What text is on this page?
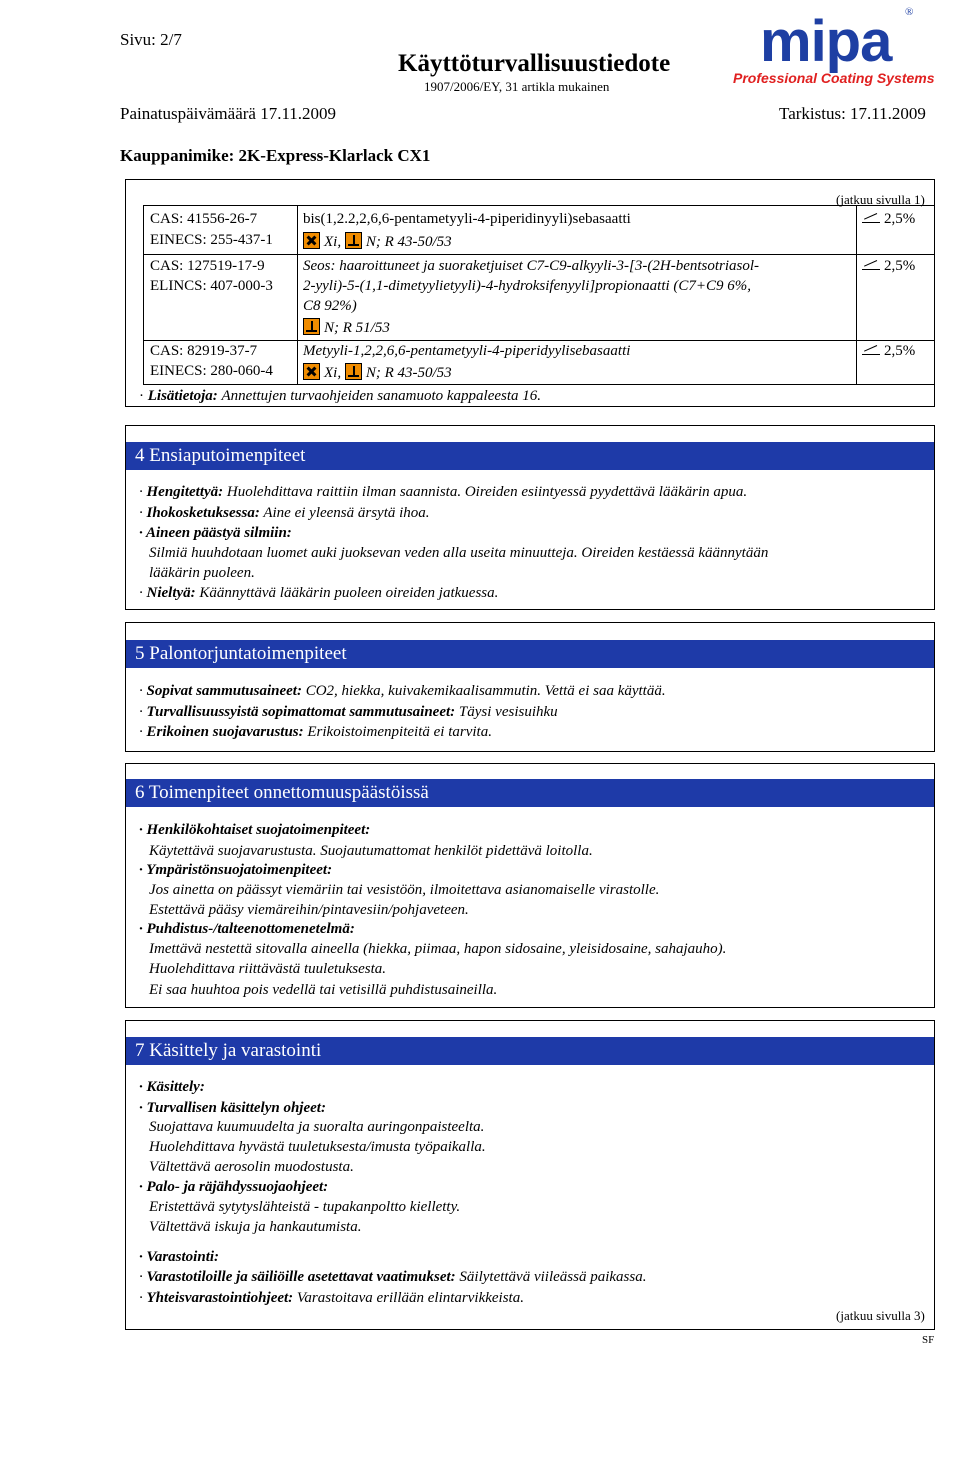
Sivu: 2/7
Käyttöturvallisuustiedote
1907/2006/EY, 31 artikla mukainen
mipa ®
Professional Coating Systems
Painatuspäivämäärä 17.11.2009	Tarkistus: 17.11.2009
Kauppanimike: 2K-Express-Klarlack CX1
(jatkuu sivulla 1)
CAS: 41556-26-7
EINECS: 255-437-1
bis(1,2.2,2,6,6-pentametyyli-4-piperidinyyli)sebasaatti
Xi, N; R 43-50/53
2,5%
CAS: 127519-17-9
ELINCS: 407-000-3
Seos: haaroittuneet ja suoraketjuiset C7-C9-alkyyli-3-[3-(2H-bentsotriasol-
2-yyli)-5-(1,1-dimetyylietyyli)-4-hydroksifenyyli]propionaatti (C7+C9 6%,
C8 92%)
N; R 51/53
2,5%
CAS: 82919-37-7
EINECS: 280-060-4
Metyyli-1,2,2,6,6-pentametyyli-4-piperidyylisebasaatti
Xi, N; R 43-50/53
2,5%
· Lisätietoja: Annettujen turvaohjeiden sanamuoto kappaleesta 16.
4 Ensiaputoimenpiteet
· Hengitettyä: Huolehdittava raittiin ilman saannista. Oireiden esiintyessä pyydettävä lääkärin apua.
· Ihokosketuksessa: Aine ei yleensä ärsytä ihoa.
· Aineen päästyä silmiin:
Silmiä huuhdotaan luomet auki juoksevan veden alla useita minuutteja. Oireiden kestäessä käännytään
lääkärin puoleen.
· Nieltyä: Käännyttävä lääkärin puoleen oireiden jatkuessa.
5 Palontorjuntatoimenpiteet
· Sopivat sammutusaineet: CO2, hiekka, kuivakemikaalisammutin. Vettä ei saa käyttää.
· Turvallisuussyistä sopimattomat sammutusaineet: Täysi vesisuihku
· Erikoinen suojavarustus: Erikoistoimenpiteitä ei tarvita.
6 Toimenpiteet onnettomuuspäästöissä
· Henkilökohtaiset suojatoimenpiteet:
Käytettävä suojavarustusta. Suojautumattomat henkilöt pidettävä loitolla.
· Ympäristönsuojatoimenpiteet:
Jos ainetta on päässyt viemäriin tai vesistöön, ilmoitettava asianomaiselle virastolle.
Estettävä pääsy viemäreihin/pintavesiin/pohjaveteen.
· Puhdistus-/talteenottomenetelmä:
Imettävä nestettä sitovalla aineella (hiekka, piimaa, hapon sidosaine, yleisidosaine, sahajauho).
Huolehdittava riittävästä tuuletuksesta.
Ei saa huuhtoa pois vedellä tai vetisillä puhdistusaineilla.
7 Käsittely ja varastointi
· Käsittely:
· Turvallisen käsittelyn ohjeet:
Suojattava kuumuudelta ja suoralta auringonpaisteelta.
Huolehdittava hyvästä tuuletuksesta/imusta työpaikalla.
Vältettävä aerosolin muodostusta.
· Palo- ja räjähdyssuojaohjeet:
Eristettävä sytytyslähteistä - tupakanpoltto kielletty.
Vältettävä iskuja ja hankautumista.
· Varastointi:
· Varastotiloille ja säiliöille asetettavat vaatimukset: Säilytettävä viileässä paikassa.
· Yhteisvarastointiohjeet: Varastoitava erillään elintarvikkeista.
(jatkuu sivulla 3)
SF
